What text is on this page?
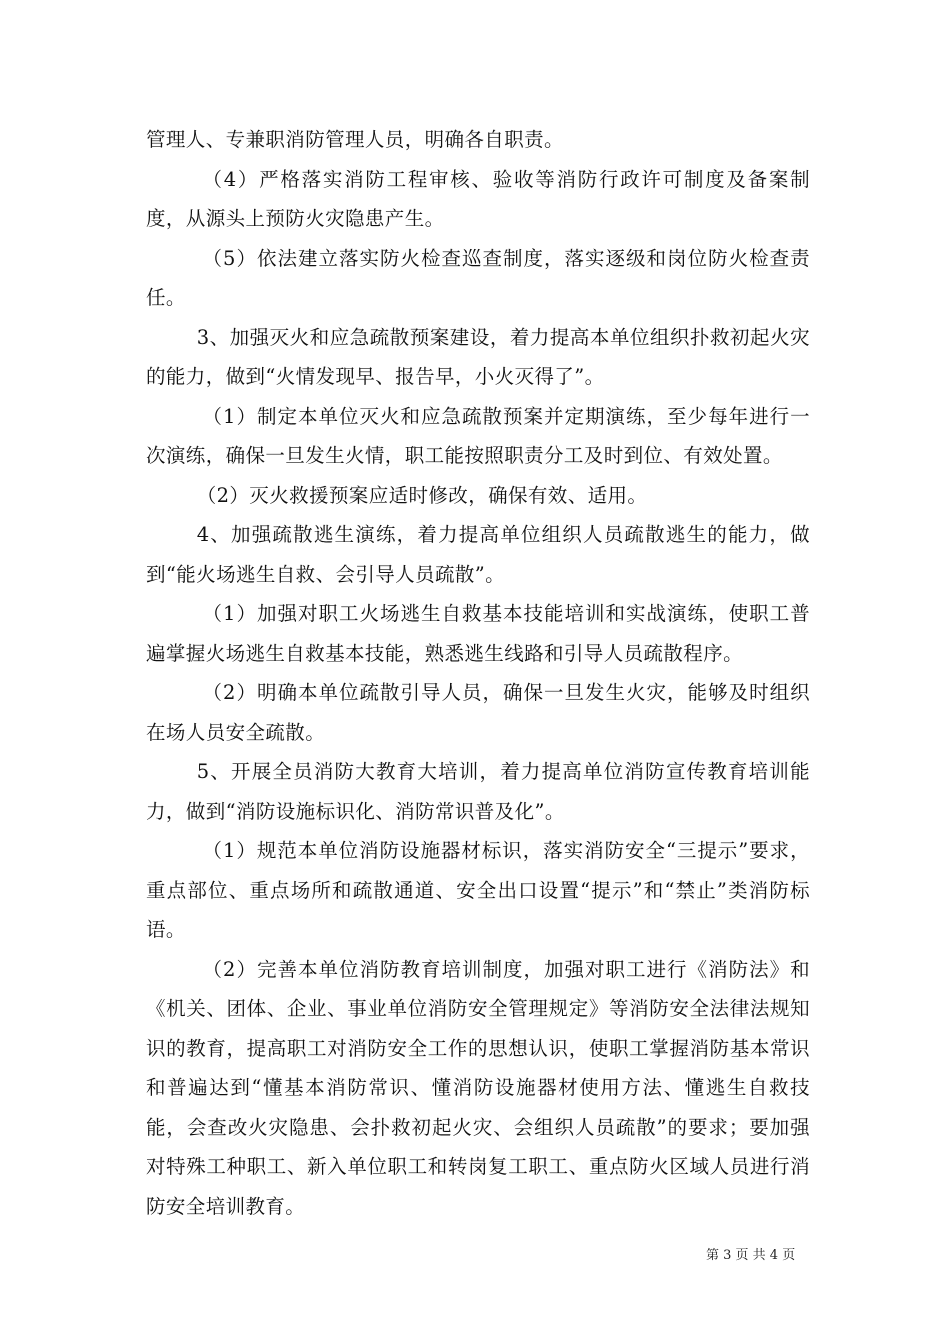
管理人、专兼职消防管理人员，明确各自职责。

（4）严格落实消防工程审核、验收等消防行政许可制度及备案制度，从源头上预防火灾隐患产生。

（5）依法建立落实防火检查巡查制度，落实逐级和岗位防火检查责任。

3、加强灭火和应急疏散预案建设，着力提高本单位组织扑救初起火灾的能力，做到“火情发现早、报告早，小火灭得了”。

（1）制定本单位灭火和应急疏散预案并定期演练，至少每年进行一次演练，确保一旦发生火情，职工能按照职责分工及时到位、有效处置。

（2）灭火救援预案应适时修改，确保有效、适用。

4、加强疏散逃生演练，着力提高单位组织人员疏散逃生的能力，做到“能火场逃生自救、会引导人员疏散”。

（1）加强对职工火场逃生自救基本技能培训和实战演练，使职工普遍掌握火场逃生自救基本技能，熟悉逃生线路和引导人员疏散程序。

（2）明确本单位疏散引导人员，确保一旦发生火灾，能够及时组织在场人员安全疏散。

5、开展全员消防大教育大培训，着力提高单位消防宣传教育培训能力，做到“消防设施标识化、消防常识普及化”。

（1）规范本单位消防设施器材标识，落实消防安全“三提示”要求，重点部位、重点场所和疏散通道、安全出口设置“提示”和“禁止”类消防标语。

（2）完善本单位消防教育培训制度，加强对职工进行《消防法》和《机关、团体、企业、事业单位消防安全管理规定》等消防安全法律法规知识的教育，提高职工对消防安全工作的思想认识，使职工掌握消防基本常识和普遍达到“懂基本消防常识、懂消防设施器材使用方法、懂逃生自救技能，会查改火灾隐患、会扑救初起火灾、会组织人员疏散”的要求；要加强对特殊工种职工、新入单位职工和转岗复工职工、重点防火区域人员进行消防安全培训教育。

第 3 页 共 4 页
